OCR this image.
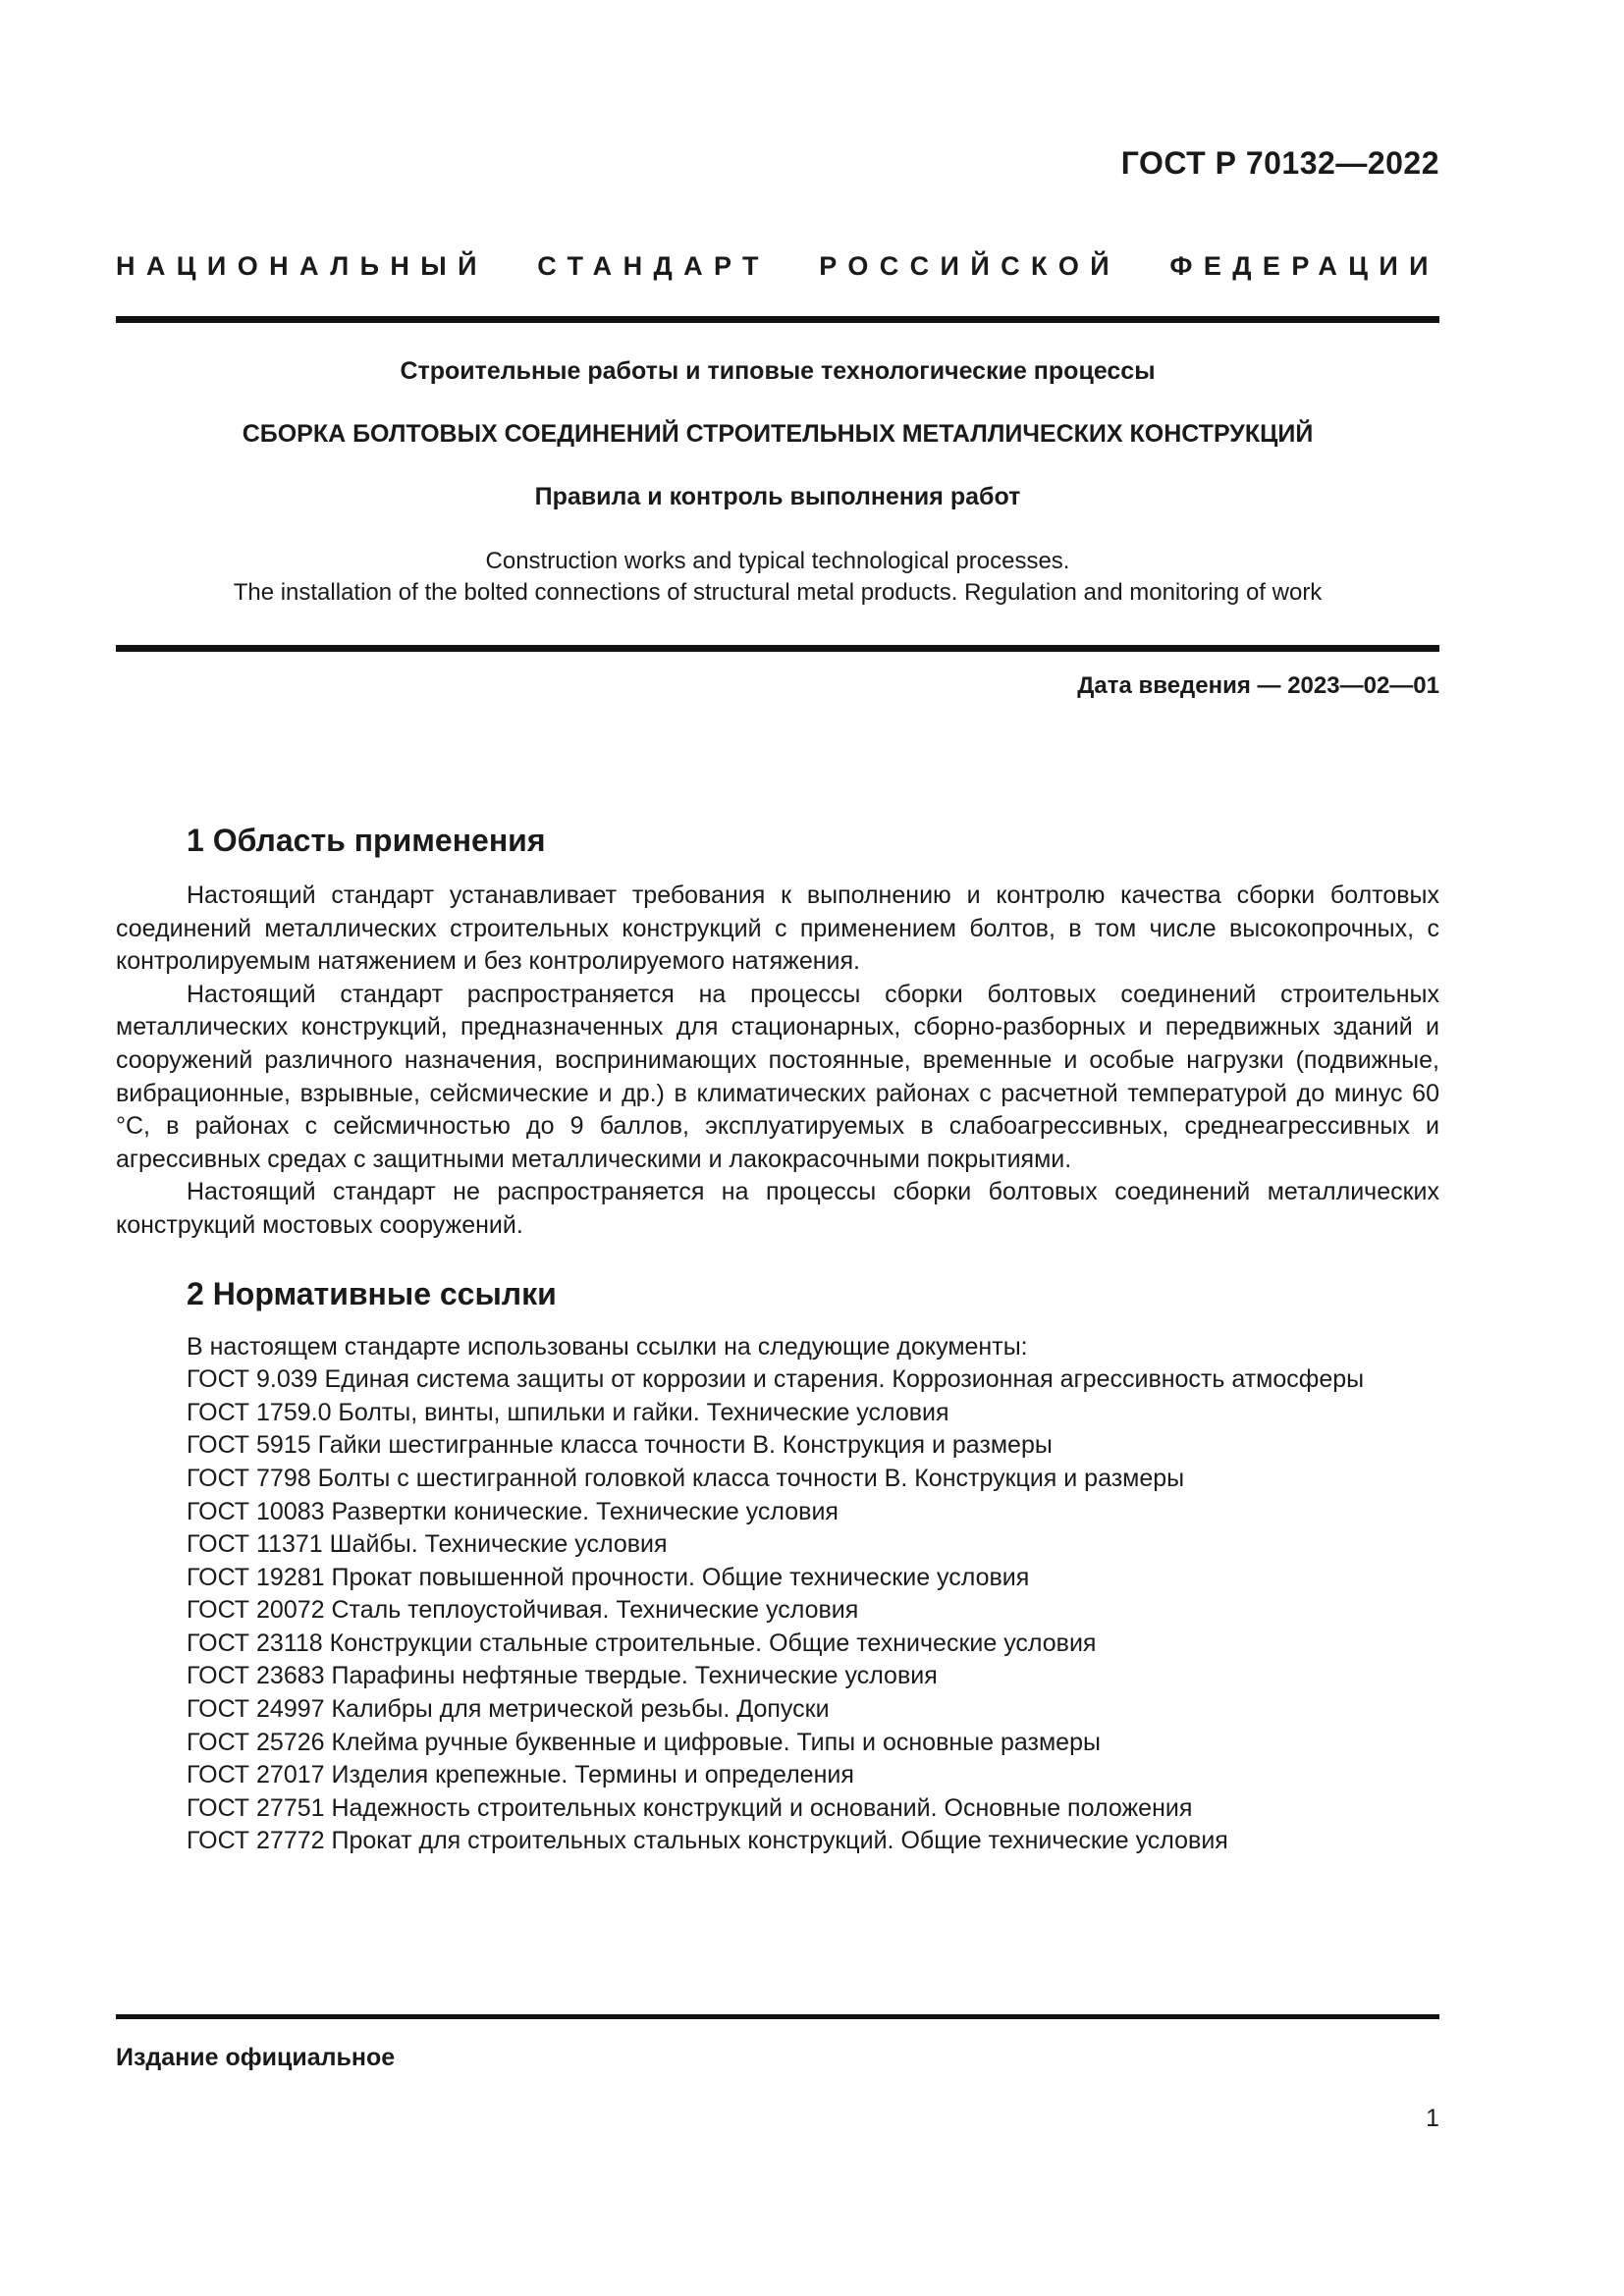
ГОСТ Р 70132—2022
НАЦИОНАЛЬНЫЙ СТАНДАРТ РОССИЙСКОЙ ФЕДЕРАЦИИ
Строительные работы и типовые технологические процессы
СБОРКА БОЛТОВЫХ СОЕДИНЕНИЙ СТРОИТЕЛЬНЫХ МЕТАЛЛИЧЕСКИХ КОНСТРУКЦИЙ
Правила и контроль выполнения работ
Construction works and typical technological processes.
The installation of the bolted connections of structural metal products. Regulation and monitoring of work
Дата введения — 2023—02—01
1 Область применения

Настоящий стандарт устанавливает требования к выполнению и контролю качества сборки болтовых соединений металлических строительных конструкций с применением болтов, в том числе высокопрочных, с контролируемым натяжением и без контролируемого натяжения.

Настоящий стандарт распространяется на процессы сборки болтовых соединений строительных металлических конструкций, предназначенных для стационарных, сборно-разборных и передвижных зданий и сооружений различного назначения, воспринимающих постоянные, временные и особые нагрузки (подвижные, вибрационные, взрывные, сейсмические и др.) в климатических районах с расчетной температурой до минус 60 °С, в районах с сейсмичностью до 9 баллов, эксплуатируемых в слабоагрессивных, среднеагрессивных и агрессивных средах с защитными металлическими и лакокрасочными покрытиями.

Настоящий стандарт не распространяется на процессы сборки болтовых соединений металлических конструкций мостовых сооружений.

2 Нормативные ссылки

В настоящем стандарте использованы ссылки на следующие документы:

ГОСТ 9.039 Единая система защиты от коррозии и старения. Коррозионная агрессивность атмосферы

ГОСТ 1759.0 Болты, винты, шпильки и гайки. Технические условия

ГОСТ 5915 Гайки шестигранные класса точности В. Конструкция и размеры

ГОСТ 7798 Болты с шестигранной головкой класса точности В. Конструкция и размеры

ГОСТ 10083 Развертки конические. Технические условия

ГОСТ 11371 Шайбы. Технические условия

ГОСТ 19281 Прокат повышенной прочности. Общие технические условия

ГОСТ 20072 Сталь теплоустойчивая. Технические условия

ГОСТ 23118 Конструкции стальные строительные. Общие технические условия

ГОСТ 23683 Парафины нефтяные твердые. Технические условия

ГОСТ 24997 Калибры для метрической резьбы. Допуски

ГОСТ 25726 Клейма ручные буквенные и цифровые. Типы и основные размеры

ГОСТ 27017 Изделия крепежные. Термины и определения

ГОСТ 27751 Надежность строительных конструкций и оснований. Основные положения

ГОСТ 27772 Прокат для строительных стальных конструкций. Общие технические условия

Издание официальное
1
